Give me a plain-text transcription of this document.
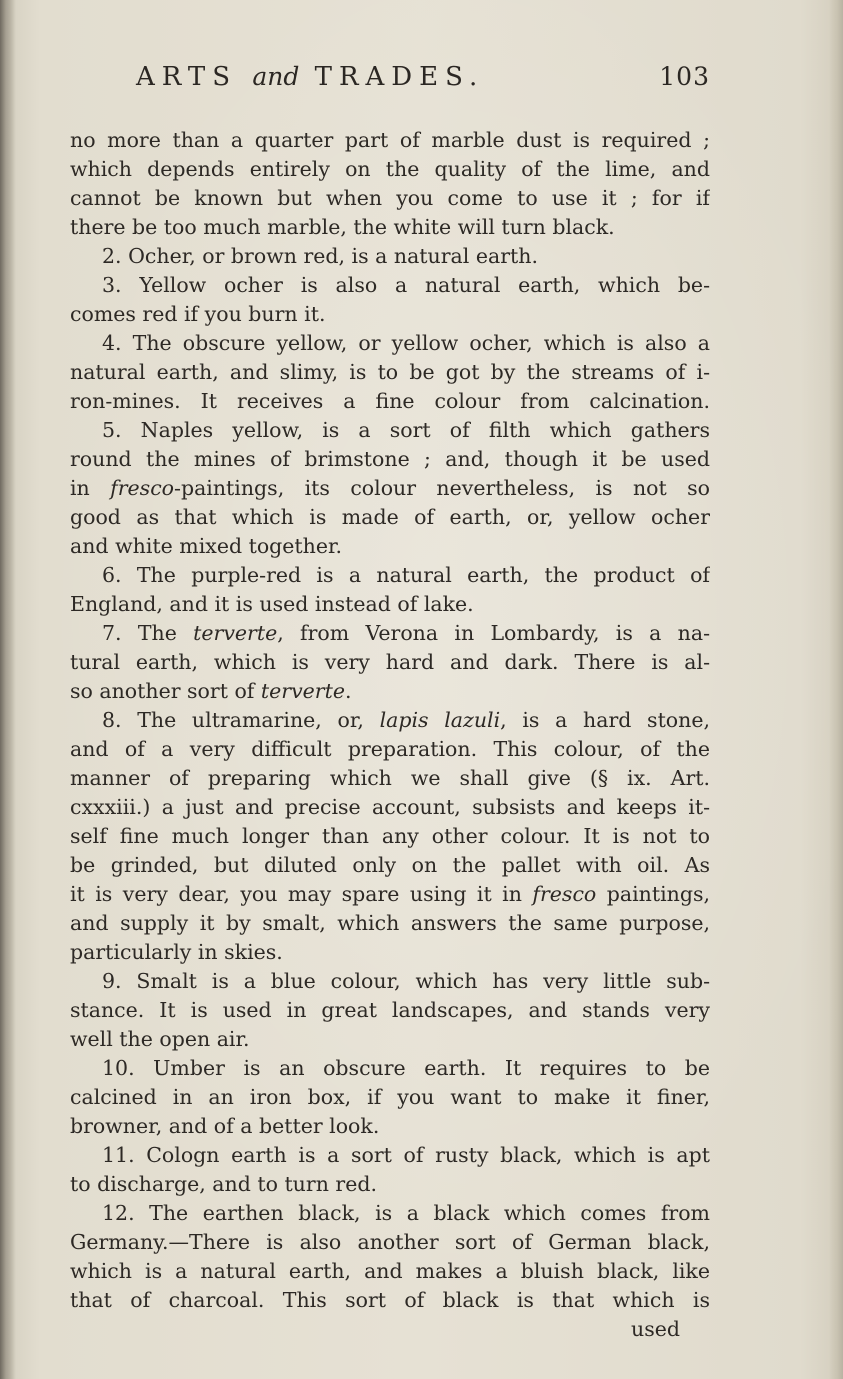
ARTS and TRADES.	103
no more than a quarter part of marble dust is required ;
which depends entirely on the quality of the lime, and
cannot be known but when you come to use it ; for if
there be too much marble, the white will turn black.
2. Ocher, or brown red, is a natural earth.
3. Yellow ocher is also a natural earth, which be-
comes red if you burn it.
4. The obscure yellow, or yellow ocher, which is also a
natural earth, and slimy, is to be got by the streams of i-
ron-mines. It receives a fine colour from calcination.
5. Naples yellow, is a sort of filth which gathers
round the mines of brimstone ; and, though it be used
in fresco-paintings, its colour nevertheless, is not so
good as that which is made of earth, or, yellow ocher
and white mixed together.
6. The purple-red is a natural earth, the product of
England, and it is used instead of lake.
7. The terverte, from Verona in Lombardy, is a na-
tural earth, which is very hard and dark. There is al-
so another sort of terverte.
8. The ultramarine, or, lapis lazuli, is a hard stone,
and of a very difficult preparation. This colour, of the
manner of preparing which we shall give (§ ix. Art.
cxxxiii.) a just and precise account, subsists and keeps it-
self fine much longer than any other colour. It is not to
be grinded, but diluted only on the pallet with oil. As
it is very dear, you may spare using it in fresco paintings,
and supply it by smalt, which answers the same purpose,
particularly in skies.
9. Smalt is a blue colour, which has very little sub-
stance. It is used in great landscapes, and stands very
well the open air.
10. Umber is an obscure earth. It requires to be
calcined in an iron box, if you want to make it finer,
browner, and of a better look.
11. Cologn earth is a sort of rusty black, which is apt
to discharge, and to turn red.
12. The earthen black, is a black which comes from
Germany.—There is also another sort of German black,
which is a natural earth, and makes a bluish black, like
that of charcoal. This sort of black is that which is
used
